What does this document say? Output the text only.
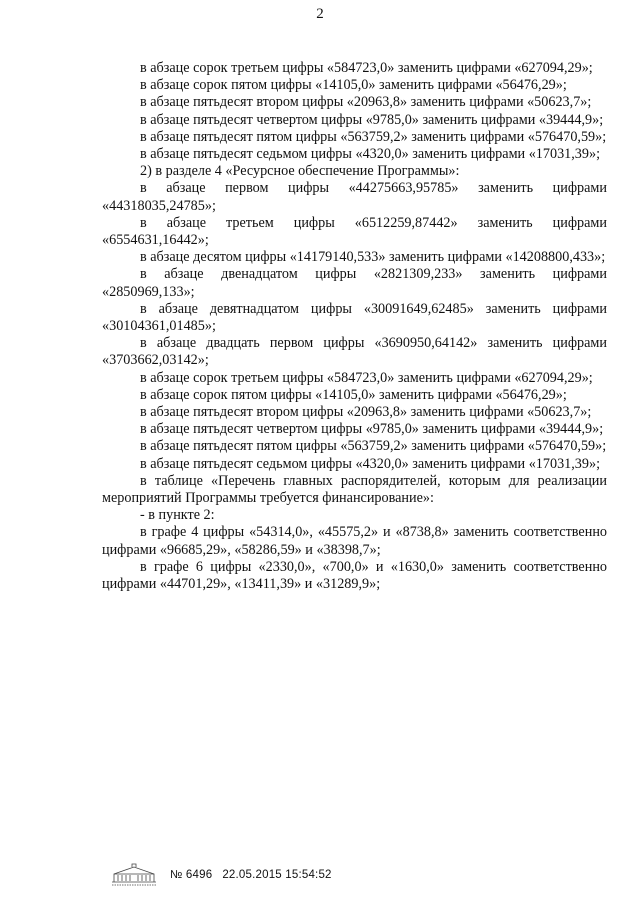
2

в абзаце сорок третьем цифры «584723,0» заменить цифрами «627094,29»;

в абзаце сорок пятом цифры «14105,0» заменить цифрами «56476,29»;

в абзаце пятьдесят втором цифры «20963,8» заменить цифрами «50623,7»;

в абзаце пятьдесят четвертом цифры «9785,0» заменить цифрами «39444,9»;

в абзаце пятьдесят пятом цифры «563759,2» заменить цифрами «576470,59»;

в абзаце пятьдесят седьмом цифры «4320,0» заменить цифрами «17031,39»;

2) в разделе 4 «Ресурсное обеспечение Программы»:

в абзаце первом цифры «44275663,95785» заменить цифрами «44318035,24785»;

в абзаце третьем цифры «6512259,87442» заменить цифрами «6554631,16442»;

в абзаце десятом цифры «14179140,533» заменить цифрами «14208800,433»;

в абзаце двенадцатом цифры «2821309,233» заменить цифрами «2850969,133»;

в абзаце девятнадцатом цифры «30091649,62485» заменить цифрами «30104361,01485»;

в абзаце двадцать первом цифры «3690950,64142» заменить цифрами «3703662,03142»;

в абзаце сорок третьем цифры «584723,0» заменить цифрами «627094,29»;

в абзаце сорок пятом цифры «14105,0» заменить цифрами «56476,29»;

в абзаце пятьдесят втором цифры «20963,8» заменить цифрами «50623,7»;

в абзаце пятьдесят четвертом цифры «9785,0» заменить цифрами «39444,9»;

в абзаце пятьдесят пятом цифры «563759,2» заменить цифрами «576470,59»;

в абзаце пятьдесят седьмом цифры «4320,0» заменить цифрами «17031,39»;

в таблице «Перечень главных распорядителей, которым для реализации мероприятий Программы требуется финансирование»:

- в пункте 2:

в графе 4 цифры «54314,0», «45575,2» и «8738,8» заменить соответственно цифрами «96685,29», «58286,59» и «38398,7»;

в графе 6 цифры «2330,0», «700,0» и «1630,0» заменить соответственно цифрами «44701,29», «13411,39» и «31289,9»;

№ 6496 22.05.2015 15:54:52
